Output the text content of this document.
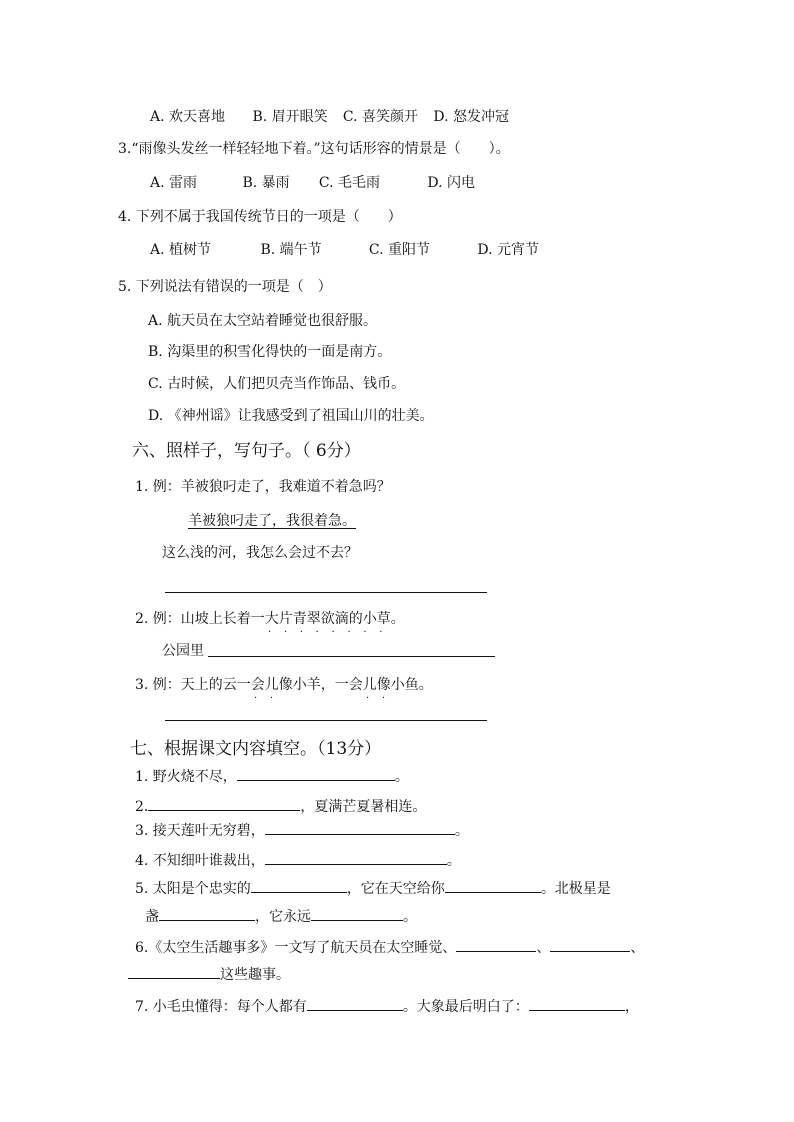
A. 欢天喜地 B. 眉开眼笑 C. 喜笑颜开 D. 怒发冲冠
3.“雨像头发丝一样轻轻地下着。”这句话形容的情景是（　　）。
A. 雷雨	B. 暴雨 C. 毛毛雨	D. 闪电
4. 下列不属于我国传统节日的一项是（　　）
A. 植树节	B. 端午节	C. 重阳节	D. 元宵节
5. 下列说法有错误的一项是（　）
A. 航天员在太空站着睡觉也很舒服。
B. 沟渠里的积雪化得快的一面是南方。
C. 古时候，人们把贝壳当作饰品、钱币。
D. 《神州谣》让我感受到了祖国山川的壮美。
六、照样子，写句子。（ 6分）
1. 例：羊被狼叼走了，我难道不着急吗？
羊被狼叼走了，我很着急。
这么浅的河，我怎么会过不去？
2. 例：山坡上长着一大片青翠欲滴的小草。
·    ·    ·    ·    ·    ·    ·    ·
公园里
3. 例：天上的云一会儿像小羊，一会儿像小鱼。
·    ·	·    ·
七、根据课文内容填空。（13分）
1. 野火烧不尽，	。
2.	，夏满芒夏暑相连。
3. 接天莲叶无穷碧，	。
4. 不知细叶谁裁出，	。
5. 太阳是个忠实的	，它在天空给你	。北极星是
盏	，它永远	。
6.《太空生活趣事多》一文写了航天员在太空睡觉、	、	、
这些趣事。
7. 小毛虫懂得：每个人都有	。大象最后明白了：	，
